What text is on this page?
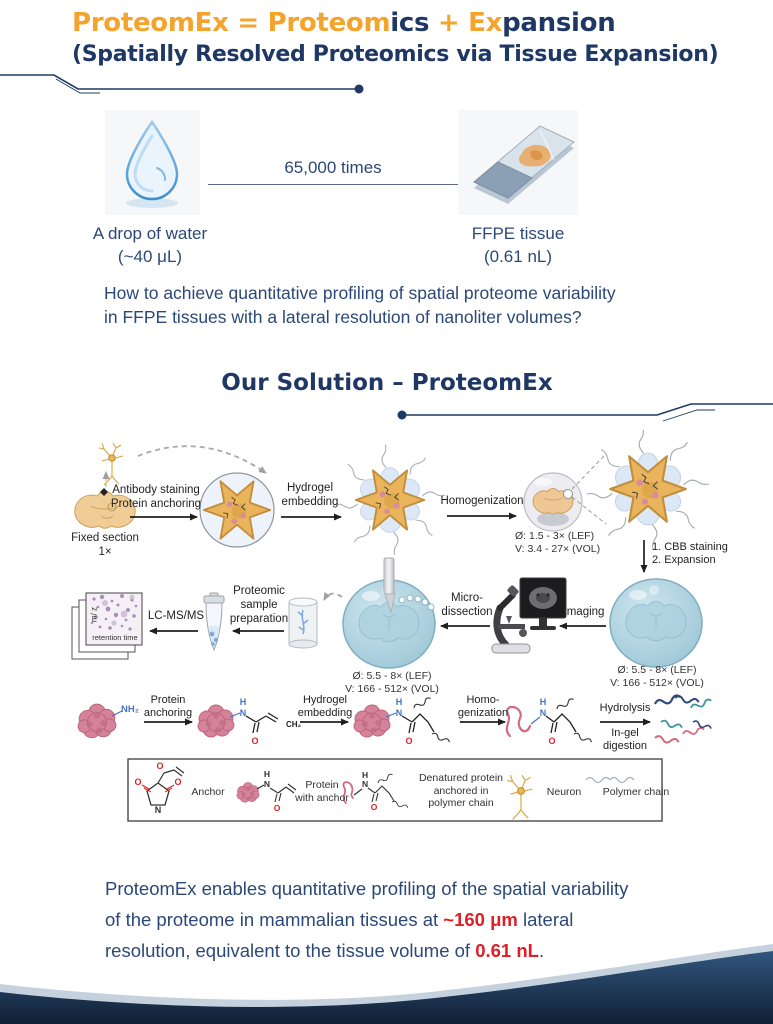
ProteomEx = Proteomics + Expansion
(Spatially Resolved Proteomics via Tissue Expansion)
65,000 times
A drop of water
(~40 μL)
FFPE tissue
(0.61 nL)
How to achieve quantitative profiling of spatial proteome variability
in FFPE tissues with a lateral resolution of nanoliter volumes?
Our Solution – ProteomEx
H
N
O
CH₂
H
N
O
H
N
O
N
O	O
O
H
N
O
H
N
O
Fixed section
1×
Antibody staining
Protein anchoring
Hydrogel
embedding	Homogenization
Ø: 1.5 - 3× (LEF)
V: 3.4 - 27× (VOL)	1. CBB staining
2. Expansion
Imaging
Micro-
dissection
Ø: 5.5 - 8× (LEF)
V: 166 - 512× (VOL)
Ø: 5.5 - 8× (LEF)
V: 166 - 512× (VOL)
Proteomic
sample
preparation
LC-MS/MS
m/ z
retention time
NH₂
Protein
anchoring
Hydrogel
embedding
Homo-
genization	Hydrolysis
In-gel
digestion
Anchor
Protein
with anchor
Denatured protein
anchored in
polymer chain
Neuron	Polymer chain
ProteomEx enables quantitative profiling of the spatial variability
of the proteome in mammalian tissues at ~160 μm lateral
resolution, equivalent to the tissue volume of 0.61 nL.
